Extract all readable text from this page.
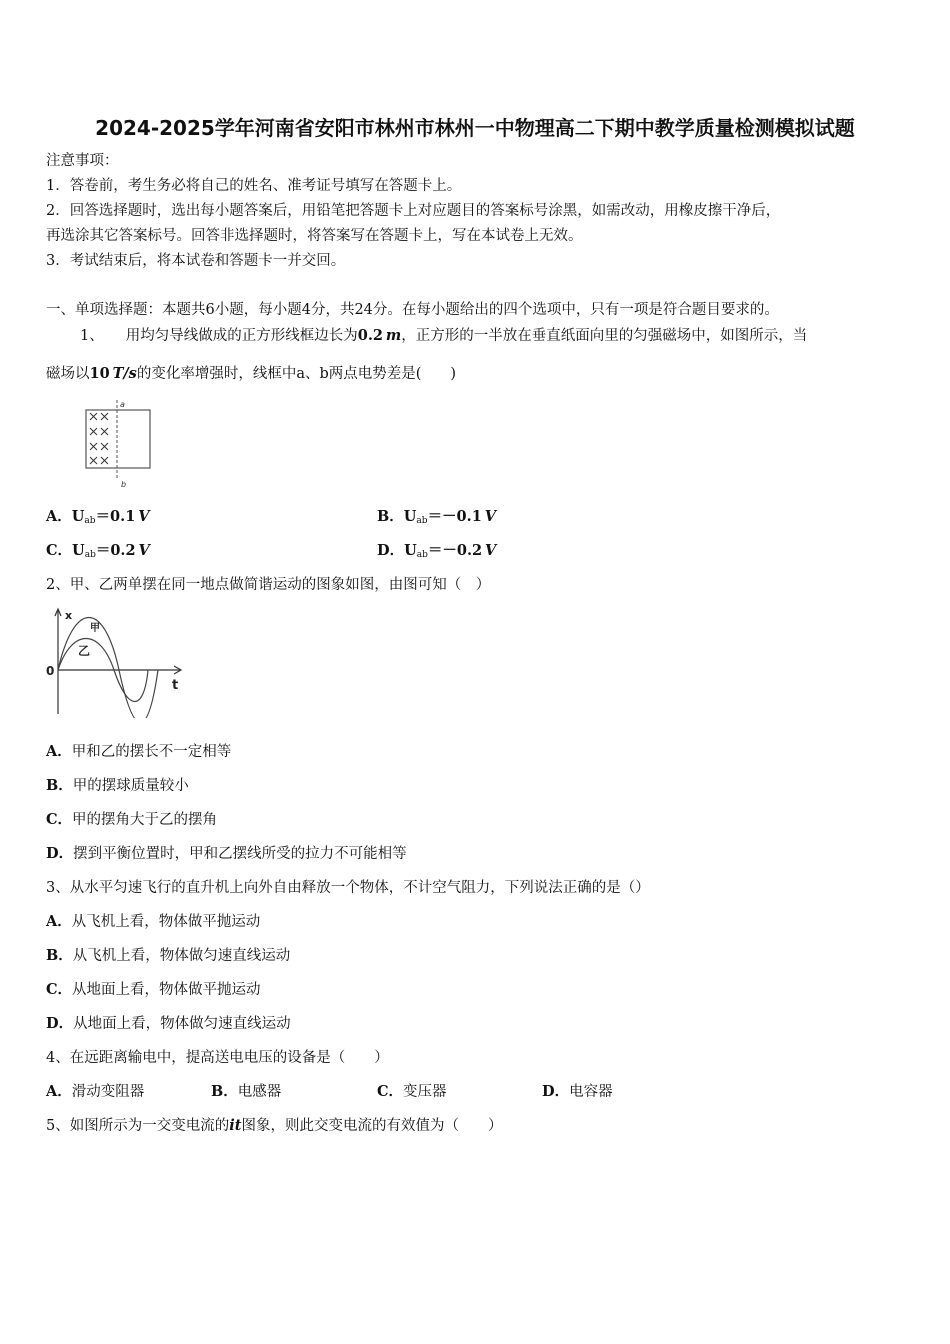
2024-2025学年河南省安阳市林州市林州一中物理高二下期中教学质量检测模拟试题
注意事项：
1．答卷前，考生务必将自己的姓名、准考证号填写在答题卡上。
2．回答选择题时，选出每小题答案后，用铅笔把答题卡上对应题目的答案标号涂黑，如需改动，用橡皮擦干净后，
再选涂其它答案标号。回答非选择题时，将答案写在答题卡上，写在本试卷上无效。
3．考试结束后，将本试卷和答题卡一并交回。
一、单项选择题：本题共6小题，每小题4分，共24分。在每小题给出的四个选项中，只有一项是符合题目要求的。
1、 用均匀导线做成的正方形线框边长为0.2  m，正方形的一半放在垂直纸面向里的匀强磁场中，如图所示，当
磁场以10  T/s的变化率增强时，线框中a、b两点电势差是(　　)
a
b
A．$U_{ab}=0.1$  V	B．$U_{ab}=-0.1$  V
C．$U_{ab}=0.2$  V	D．$U_{ab}=-0.2$  V
2、甲、乙两单摆在同一地点做简谐运动的图象如图，由图可知（　）
x
甲
乙
0
t
A．甲和乙的摆长不一定相等
B．甲的摆球质量较小
C．甲的摆角大于乙的摆角
D．摆到平衡位置时，甲和乙摆线所受的拉力不可能相等
3、从水平匀速飞行的直升机上向外自由释放一个物体，不计空气阻力，下列说法正确的是（）
A．从飞机上看，物体做平抛运动
B．从飞机上看，物体做匀速直线运动
C．从地面上看，物体做平抛运动
D．从地面上看，物体做匀速直线运动
4、在远距离输电中，提高送电电压的设备是（　　）
A．滑动变阻器	B．电感器	C．变压器	D．电容器
5、如图所示为一交变电流的it图象，则此交变电流的有效值为（　　）
